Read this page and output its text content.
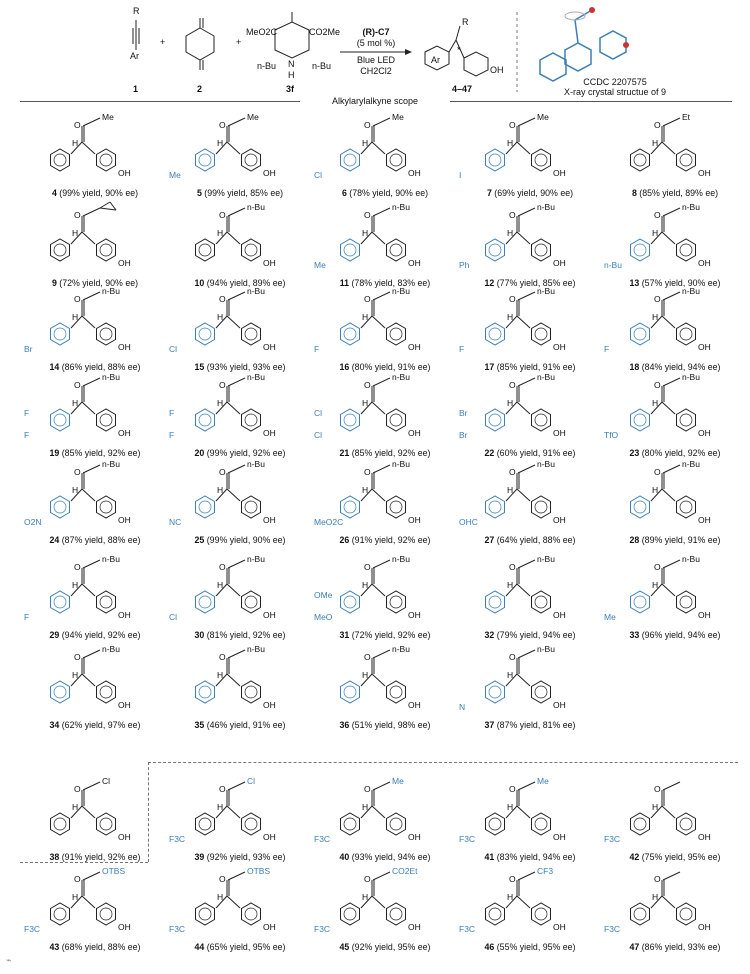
R
Ar
1
+
2
+
MeO2C	CO2Me
n-Bu	n-Bu
N
H
3f
(R)-C7
(5 mol %)
Blue LED
CH2Cl2
R
Ar
*
OH
4–47
CCDC 2207575
X-ray crystal structue of 9
Alkylarylalkyne scope
O
H
Me
OH
4 (99% yield, 90% ee)
O
H
Me
Me	OH
5 (99% yield, 85% ee)
O
H
Me
Cl	OH
6 (78% yield, 90% ee)
O
H
Me
I	OH
7 (69% yield, 90% ee)
O
H
Et
OH
8 (85% yield, 89% ee)
O
H
OH
9 (72% yield, 90% ee)
O
H
n-Bu
OH
10 (94% yield, 89% ee)
O
H
n-Bu
Me	OH
11 (78% yield, 83% ee)
O
H
n-Bu
Ph	OH
12 (77% yield, 85% ee)
O
H
n-Bu
n-Bu	OH
13 (57% yield, 90% ee)
O
H
n-Bu
Br	OH
14 (86% yield, 88% ee)
O
H
n-Bu
Cl	OH
15 (93% yield, 93% ee)
O
H
n-Bu
F	OH
16 (80% yield, 91% ee)
O
H
n-Bu
F	OH
17 (85% yield, 91% ee)
O
H
n-Bu
F	OH
18 (84% yield, 94% ee)
O
H
n-Bu
F
F
OH
19 (85% yield, 92% ee)
O
H
n-Bu
F
F
OH
20 (99% yield, 92% ee)
O
H
n-Bu
Cl
Cl
OH
21 (85% yield, 92% ee)
O
H
n-Bu
Br
Br
OH
22 (60% yield, 91% ee)
O
H
n-Bu
TfO	OH
23 (80% yield, 92% ee)
O
H
n-Bu
O2N	OH
24 (87% yield, 88% ee)
O
H
n-Bu
NC	OH
25 (99% yield, 90% ee)
O
H
n-Bu
MeO2C	OH
26 (91% yield, 92% ee)
O
H
n-Bu
OHC	OH
27 (64% yield, 88% ee)
O
H
n-Bu
OH
28 (89% yield, 91% ee)
O
H
n-Bu
F	OH
29 (94% yield, 92% ee)
O
H
n-Bu
Cl	OH
30 (81% yield, 92% ee)
O
H
n-Bu
MeO
OMe
OH
31 (72% yield, 92% ee)
O
H
n-Bu
OH
32 (79% yield, 94% ee)
O
H
n-Bu
Me	OH
33 (96% yield, 94% ee)
O
H
n-Bu
OH
34 (62% yield, 97% ee)
O
H
n-Bu
OH
35 (46% yield, 91% ee)
O
H
n-Bu
OH
36 (51% yield, 98% ee)
O
H
n-Bu
N	OH
37 (87% yield, 81% ee)
O
H
Cl
OH
38 (91% yield, 92% ee)
O
H
Cl
F3C	OH
39 (92% yield, 93% ee)
O
H
Me
F3C	OH
40 (93% yield, 94% ee)
O
H
Me
F3C	OH
41 (83% yield, 94% ee)
O
H
F3C	OH
42 (75% yield, 95% ee)
O
H
OTBS
F3C	OH
43 (68% yield, 88% ee)
O
H
OTBS
F3C	OH
44 (65% yield, 95% ee)
O
H
CO2Et
F3C	OH
45 (92% yield, 95% ee)
O
H
CF3
F3C	OH
46 (55% yield, 95% ee)
O
H
F3C	OH
47 (86% yield, 93% ee)
⌁
